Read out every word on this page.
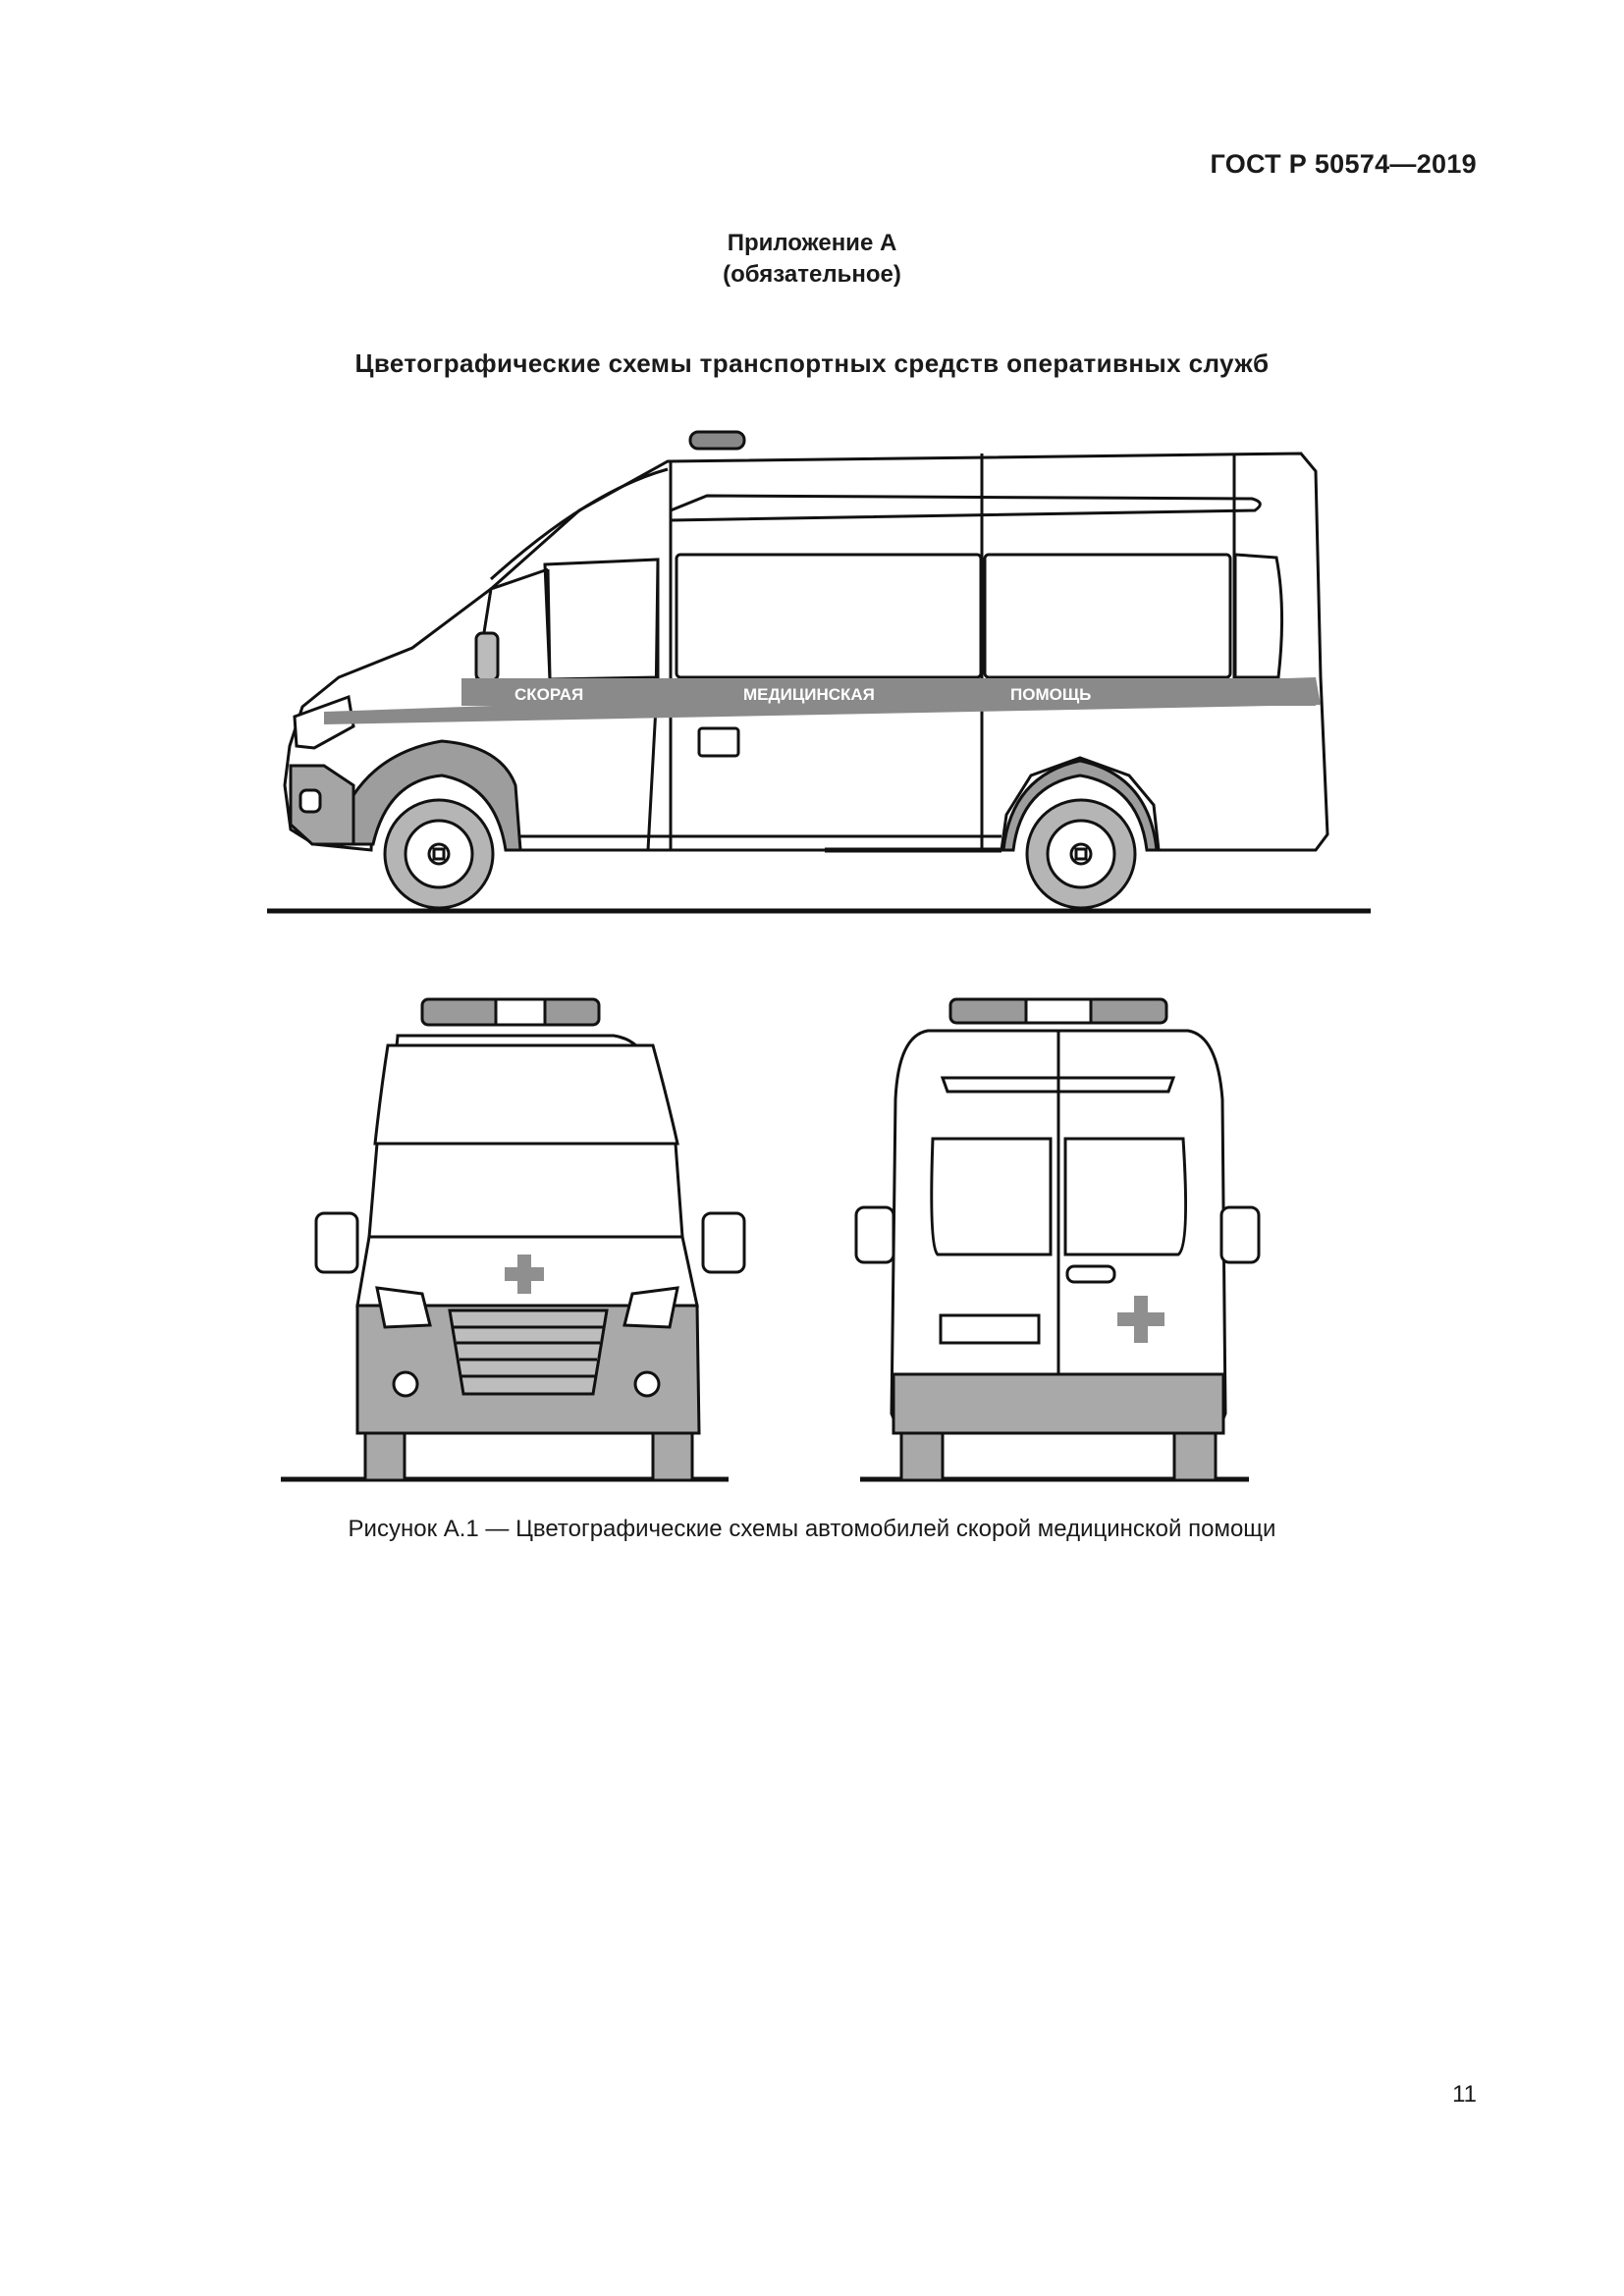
ГОСТ Р 50574—2019
Приложение А
(обязательное)
Цветографические схемы транспортных средств оперативных служб
СКОРАЯ	МЕДИЦИНСКАЯ	ПОМОЩЬ
Рисунок А.1 — Цветографические схемы автомобилей скорой медицинской помощи
11
